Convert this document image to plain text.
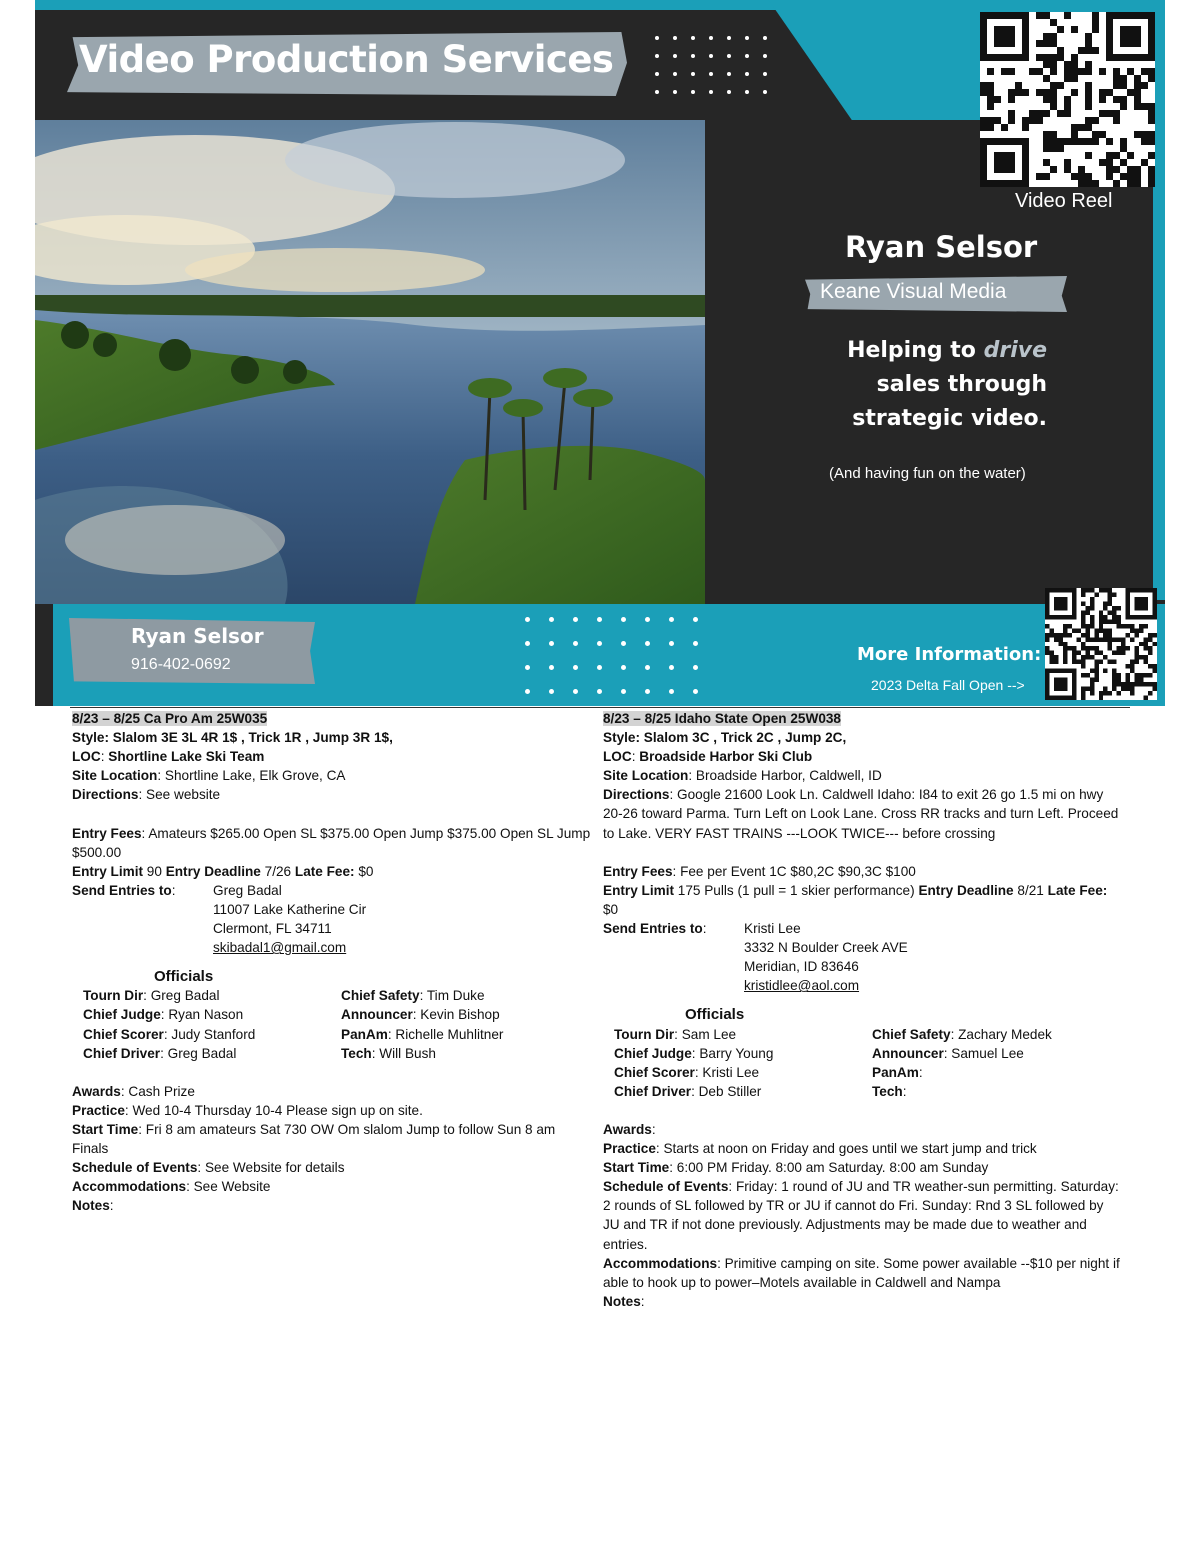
Video Production Services
Video Reel
Ryan Selsor
Keane Visual Media
Helping to drive
sales through
strategic video.
(And having fun on the water)
Ryan Selsor
916-402-0692	More Information:
2023 Delta Fall Open -->

8/23 – 8/25 Ca Pro Am 25W035

Style: Slalom 3E 3L 4R 1$ , Trick 1R , Jump 3R 1$,

LOC: Shortline Lake Ski Team

Site Location: Shortline Lake, Elk Grove, CA

Directions: See website

Entry Fees: Amateurs $265.00 Open SL $375.00 Open Jump $375.00 Open SL Jump $500.00

Entry Limit 90 Entry Deadline 7/26 Late Fee: $0

Send Entries to:	Greg Badal
11007 Lake Katherine Cir
Clermont, FL 34711
skibadal1@gmail.com

Officials

Tourn Dir: Greg Badal	Chief Safety: Tim Duke

Chief Judge: Ryan Nason	Announcer: Kevin Bishop

Chief Scorer: Judy Stanford	PanAm: Richelle Muhlitner

Chief Driver: Greg Badal	Tech: Will Bush

Awards: Cash Prize

Practice: Wed 10-4 Thursday 10-4 Please sign up on site.

Start Time: Fri 8 am amateurs Sat 730 OW Om slalom Jump to follow Sun 8 am Finals

Schedule of Events: See Website for details

Accommodations: See Website

Notes:

8/23 – 8/25 Idaho State Open 25W038

Style: Slalom 3C , Trick 2C , Jump 2C,

LOC: Broadside Harbor Ski Club

Site Location: Broadside Harbor, Caldwell, ID

Directions: Google 21600 Look Ln. Caldwell Idaho: I84 to exit 26 go 1.5 mi on hwy 20-26 toward Parma. Turn Left on Look Lane. Cross RR tracks and turn Left. Proceed to Lake. VERY FAST TRAINS ---LOOK TWICE--- before crossing

Entry Fees: Fee per Event 1C $80,2C $90,3C $100

Entry Limit 175 Pulls (1 pull = 1 skier performance) Entry Deadline 8/21 Late Fee: $0

Send Entries to:	Kristi Lee
3332 N Boulder Creek AVE
Meridian, ID 83646
kristidlee@aol.com

Officials

Tourn Dir: Sam Lee	Chief Safety: Zachary Medek

Chief Judge: Barry Young	Announcer: Samuel Lee

Chief Scorer: Kristi Lee	PanAm:

Chief Driver: Deb Stiller	Tech:

Awards:

Practice: Starts at noon on Friday and goes until we start jump and trick

Start Time: 6:00 PM Friday. 8:00 am Saturday. 8:00 am Sunday

Schedule of Events: Friday: 1 round of JU and TR weather-sun permitting. Saturday: 2 rounds of SL followed by TR or JU if cannot do Fri. Sunday: Rnd 3 SL followed by JU and TR if not done previously. Adjustments may be made due to weather and entries.

Accommodations: Primitive camping on site. Some power available --$10 per night if able to hook up to power–Motels available in Caldwell and Nampa

Notes:
